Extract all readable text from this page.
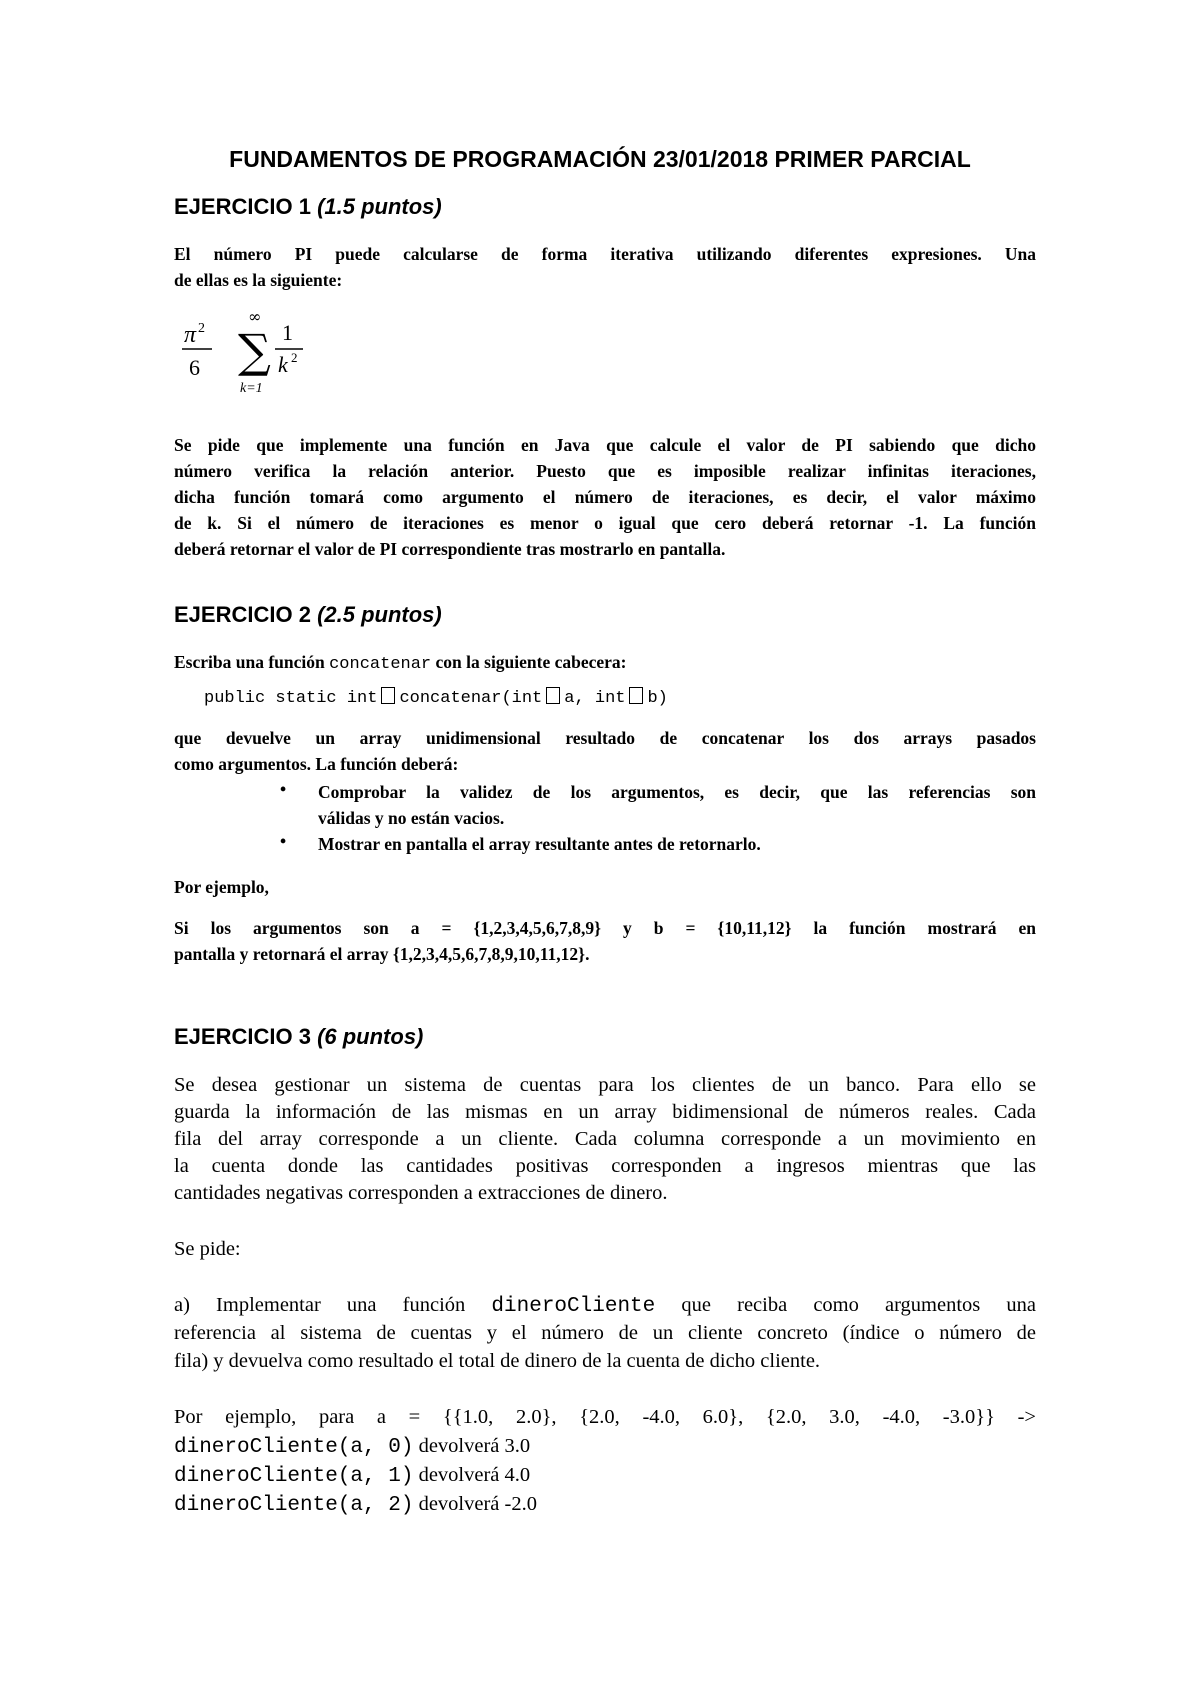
FUNDAMENTOS DE PROGRAMACIÓN 23/01/2018 PRIMER PARCIAL
EJERCICIO 1 (1.5 puntos)
El número PI puede calcularse de forma iterativa utilizando diferentes expresiones. Una
de ellas es la siguiente:
π 2
6
∞
∑
k=1
1
k 2
Se pide que implemente una función en Java que calcule el valor de PI sabiendo que dicho
número verifica la relación anterior. Puesto que es imposible realizar infinitas iteraciones,
dicha función tomará como argumento el número de iteraciones, es decir, el valor máximo
de k. Si el número de iteraciones es menor o igual que cero deberá retornar -1. La función
deberá retornar el valor de PI correspondiente tras mostrarlo en pantalla.
EJERCICIO 2 (2.5 puntos)
Escriba una función concatenar con la siguiente cabecera:
public static int concatenar(int a, int b)
que devuelve un array unidimensional resultado de concatenar los dos arrays pasados
como argumentos. La función deberá:
• Comprobar la validez de los argumentos, es decir, que las referencias son
válidas y no están vacios.
• Mostrar en pantalla el array resultante antes de retornarlo.
Por ejemplo,
Si los argumentos son a = {1,2,3,4,5,6,7,8,9} y b = {10,11,12} la función mostrará en
pantalla y retornará el array {1,2,3,4,5,6,7,8,9,10,11,12}.
EJERCICIO 3 (6 puntos)
Se desea gestionar un sistema de cuentas para los clientes de un banco. Para ello se
guarda la información de las mismas en un array bidimensional de números reales. Cada
fila del array corresponde a un cliente. Cada columna corresponde a un movimiento en
la cuenta donde las cantidades positivas corresponden a ingresos mientras que las
cantidades negativas corresponden a extracciones de dinero.
Se pide:
a) Implementar una función dineroCliente que reciba como argumentos una
referencia al sistema de cuentas y el número de un cliente concreto (índice o número de
fila) y devuelva como resultado el total de dinero de la cuenta de dicho cliente.
Por ejemplo, para a = {{1.0, 2.0}, {2.0, -4.0, 6.0}, {2.0, 3.0, -4.0, -3.0}} ->
dineroCliente(a, 0) devolverá 3.0
dineroCliente(a, 1) devolverá 4.0
dineroCliente(a, 2) devolverá -2.0
